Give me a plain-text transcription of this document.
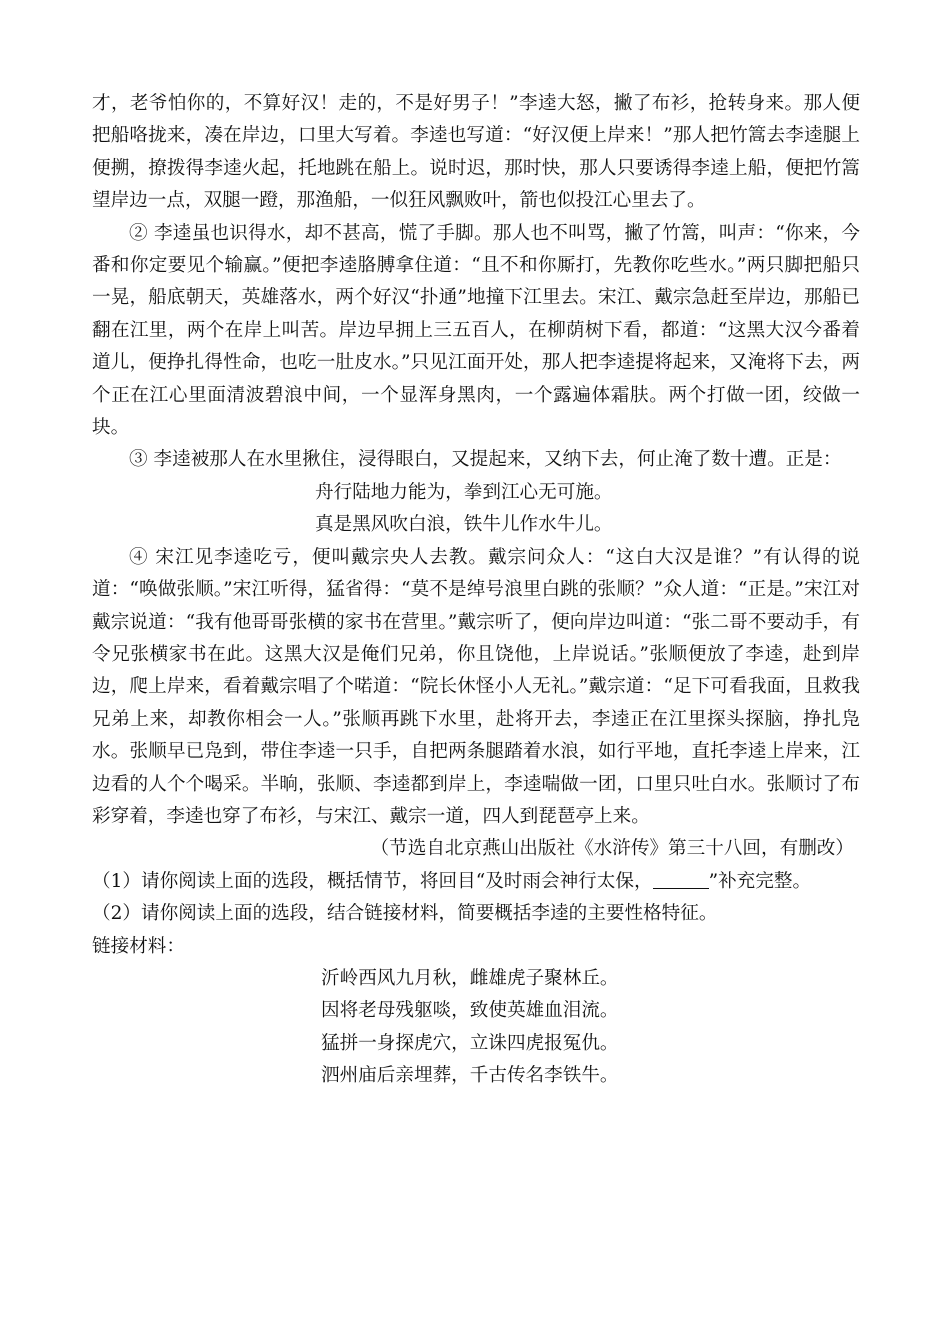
才，老爷怕你的，不算好汉！走的，不是好男子！”李逵大怒，撇了布衫，抢转身来。那人便把船咯拢来，凑在岸边，口里大写着。李逵也写道：“好汉便上岸来！”那人把竹篙去李逵腿上便搠，撩拨得李逵火起，托地跳在船上。说时迟，那时快，那人只要诱得李逵上船，便把竹篙望岸边一点，双腿一蹬，那渔船，一似狂风飘败叶，箭也似投江心里去了。

② 李逵虽也识得水，却不甚高，慌了手脚。那人也不叫骂，撇了竹篙，叫声：“你来，今番和你定要见个输赢。”便把李逵胳膊拿住道：“且不和你厮打，先教你吃些水。”两只脚把船只一晃，船底朝天，英雄落水，两个好汉“扑通”地撞下江里去。宋江、戴宗急赶至岸边，那船已翻在江里，两个在岸上叫苦。岸边早拥上三五百人，在柳荫树下看，都道：“这黑大汉今番着道儿，便挣扎得性命，也吃一肚皮水。”只见江面开处，那人把李逵提将起来，又淹将下去，两个正在江心里面清波碧浪中间，一个显浑身黑肉，一个露遍体霜肤。两个打做一团，绞做一块。

③ 李逵被那人在水里揪住，浸得眼白，又提起来，又纳下去，何止淹了数十遭。正是：

舟行陆地力能为，拳到江心无可施。

真是黑风吹白浪，铁牛儿作水牛儿。

④ 宋江见李逵吃亏，便叫戴宗央人去教。戴宗问众人：“这白大汉是谁？”有认得的说道：“唤做张顺。”宋江听得，猛省得：“莫不是绰号浪里白跳的张顺？”众人道：“正是。”宋江对戴宗说道：“我有他哥哥张横的家书在营里。”戴宗听了，便向岸边叫道：“张二哥不要动手，有令兄张横家书在此。这黑大汉是俺们兄弟，你且饶他，上岸说话。”张顺便放了李逵，赴到岸边，爬上岸来，看着戴宗唱了个喏道：“院长休怪小人无礼。”戴宗道：“足下可看我面，且救我兄弟上来，却教你相会一人。”张顺再跳下水里，赴将开去，李逵正在江里探头探脑，挣扎凫水。张顺早已凫到，带住李逵一只手，自把两条腿踏着水浪，如行平地，直托李逵上岸来，江边看的人个个喝采。半晌，张顺、李逵都到岸上，李逵喘做一团，口里只吐白水。张顺讨了布彩穿着，李逵也穿了布衫，与宋江、戴宗一道，四人到琵琶亭上来。

（节选自北京燕山出版社《水浒传》第三十八回，有删改）

（1）请你阅读上面的选段，概括情节，将回目“及时雨会神行太保，	”补充完整。

（2）请你阅读上面的选段，结合链接材料，简要概括李逵的主要性格特征。

链接材料：

沂岭西风九月秋，雌雄虎子聚林丘。

因将老母残躯啖，致使英雄血泪流。

猛拼一身探虎穴，立诛四虎报冤仇。

泗州庙后亲埋葬，千古传名李铁牛。
